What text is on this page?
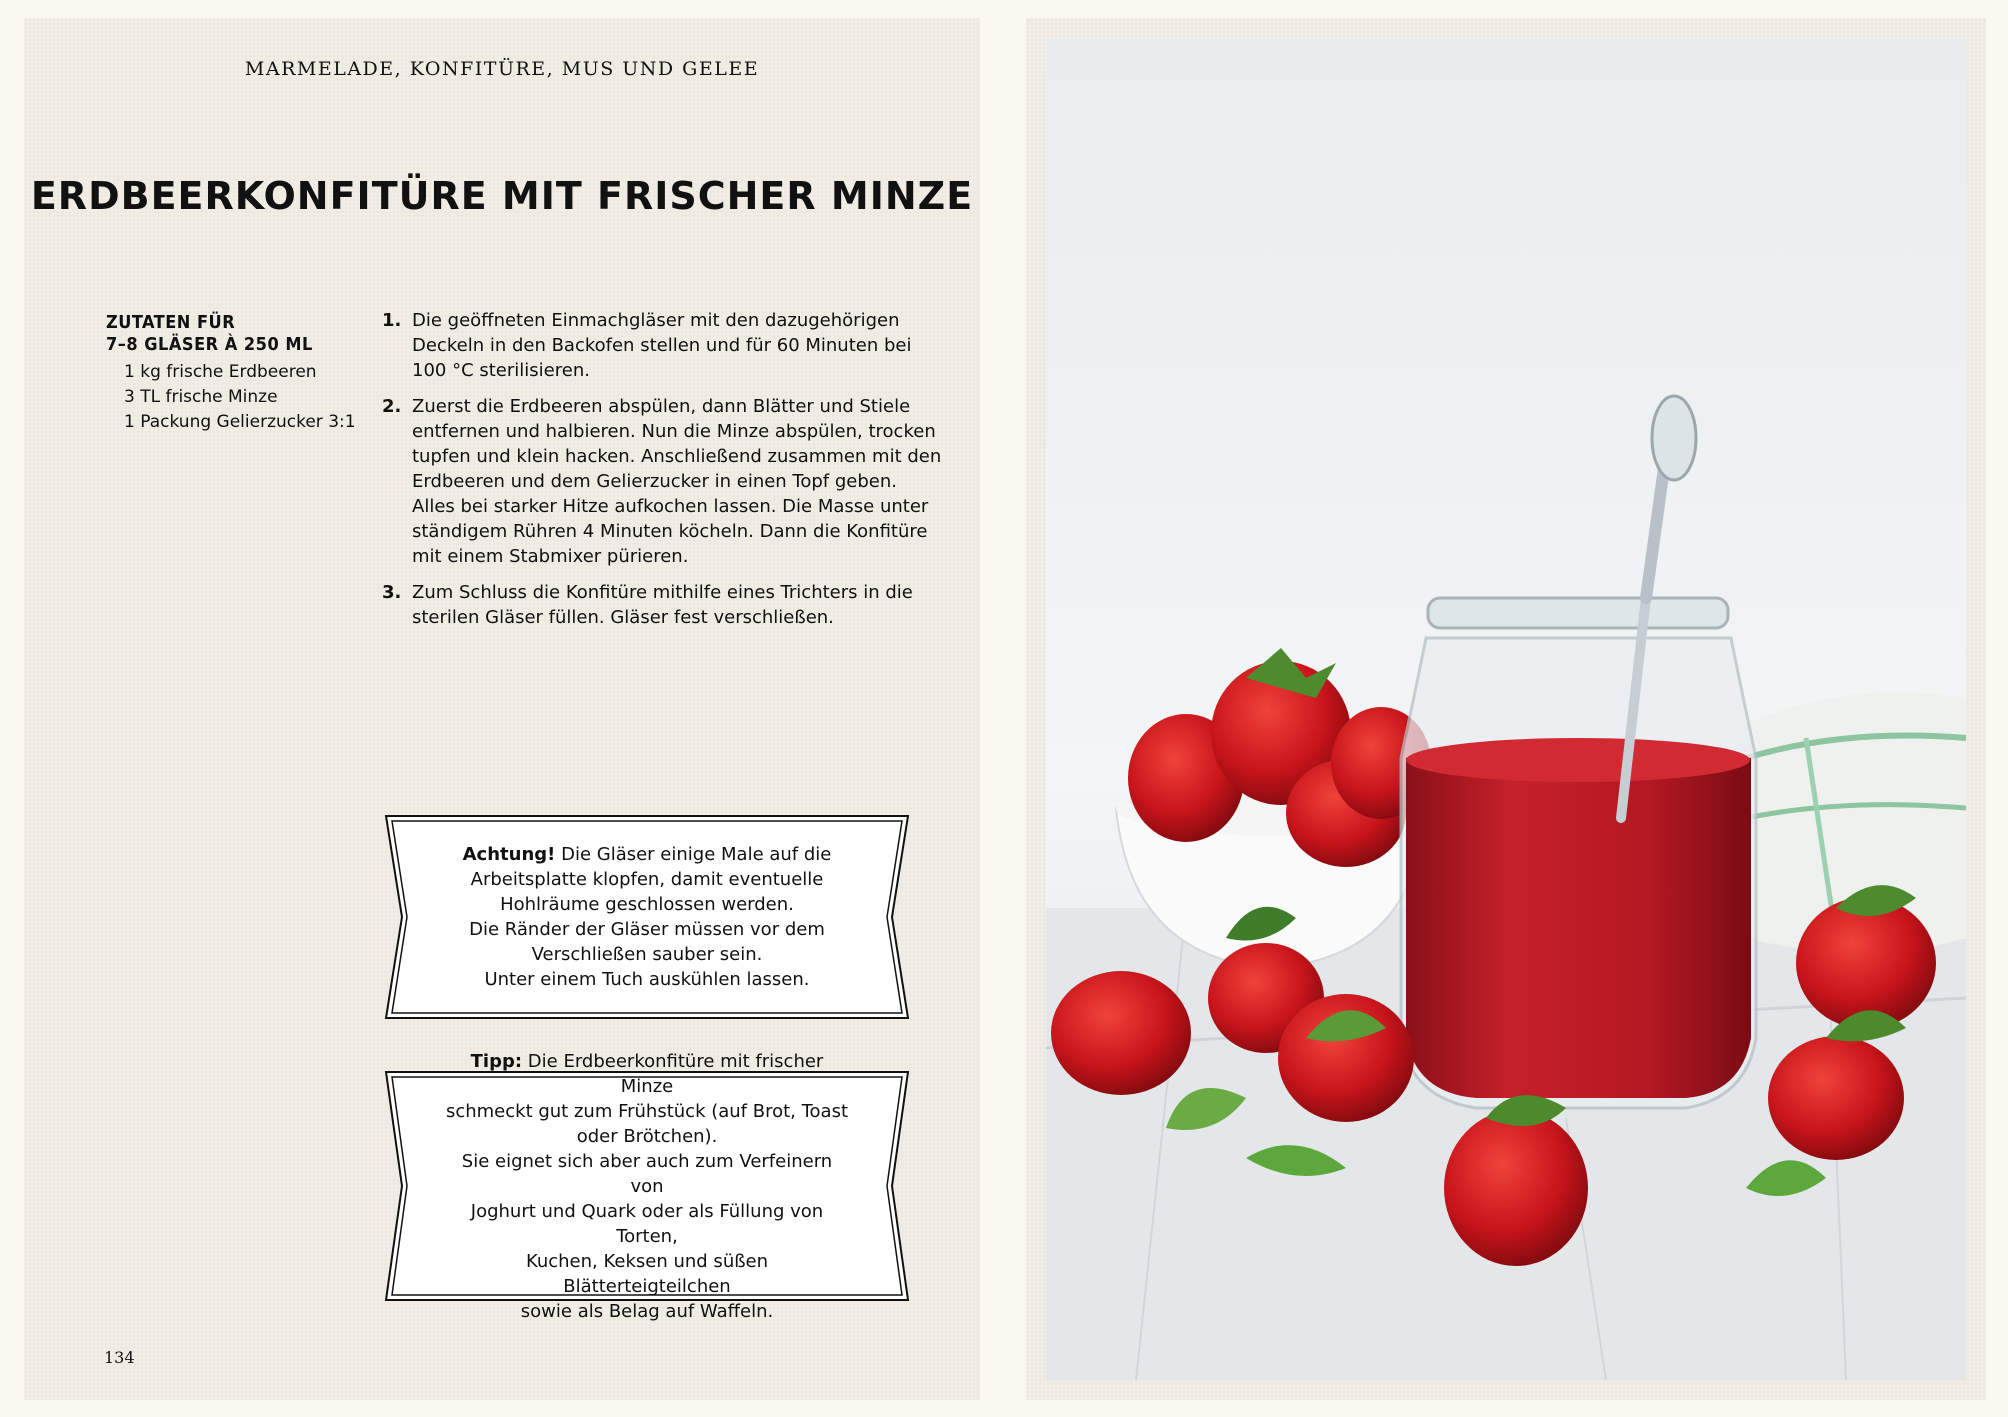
MARMELADE, KONFITÜRE, MUS UND GELEE
ERDBEERKONFITÜRE MIT FRISCHER MINZE
ZUTATEN FÜR
7–8 GLÄSER À 250 ML
1 kg frische Erdbeeren
3 TL frische Minze
1 Packung Gelierzucker 3:1
1. Die geöffneten Einmachgläser mit den dazugehörigen Deckeln in den Backofen stellen und für 60 Minuten bei 100 °C sterilisieren.
2. Zuerst die Erdbeeren abspülen, dann Blätter und Stiele entfernen und halbieren. Nun die Minze abspülen, trocken tupfen und klein hacken. Anschließend zusammen mit den Erdbeeren und dem Gelierzucker in einen Topf geben. Alles bei starker Hitze aufkochen lassen. Die Masse unter ständigem Rühren 4 Minuten köcheln. Dann die Konfitüre mit einem Stabmixer pürieren.
3. Zum Schluss die Konfitüre mithilfe eines Trichters in die sterilen Gläser füllen. Gläser fest verschließen.
Achtung! Die Gläser einige Male auf die
Arbeitsplatte klopfen, damit eventuelle
Hohlräume geschlossen werden.
Die Ränder der Gläser müssen vor dem
Verschließen sauber sein.
Unter einem Tuch auskühlen lassen.
Tipp: Die Erdbeerkonfitüre mit frischer Minze
schmeckt gut zum Frühstück (auf Brot, Toast
oder Brötchen).
Sie eignet sich aber auch zum Verfeinern von
Joghurt und Quark oder als Füllung von Torten,
Kuchen, Keksen und süßen Blätterteigteilchen
sowie als Belag auf Waffeln.
134
